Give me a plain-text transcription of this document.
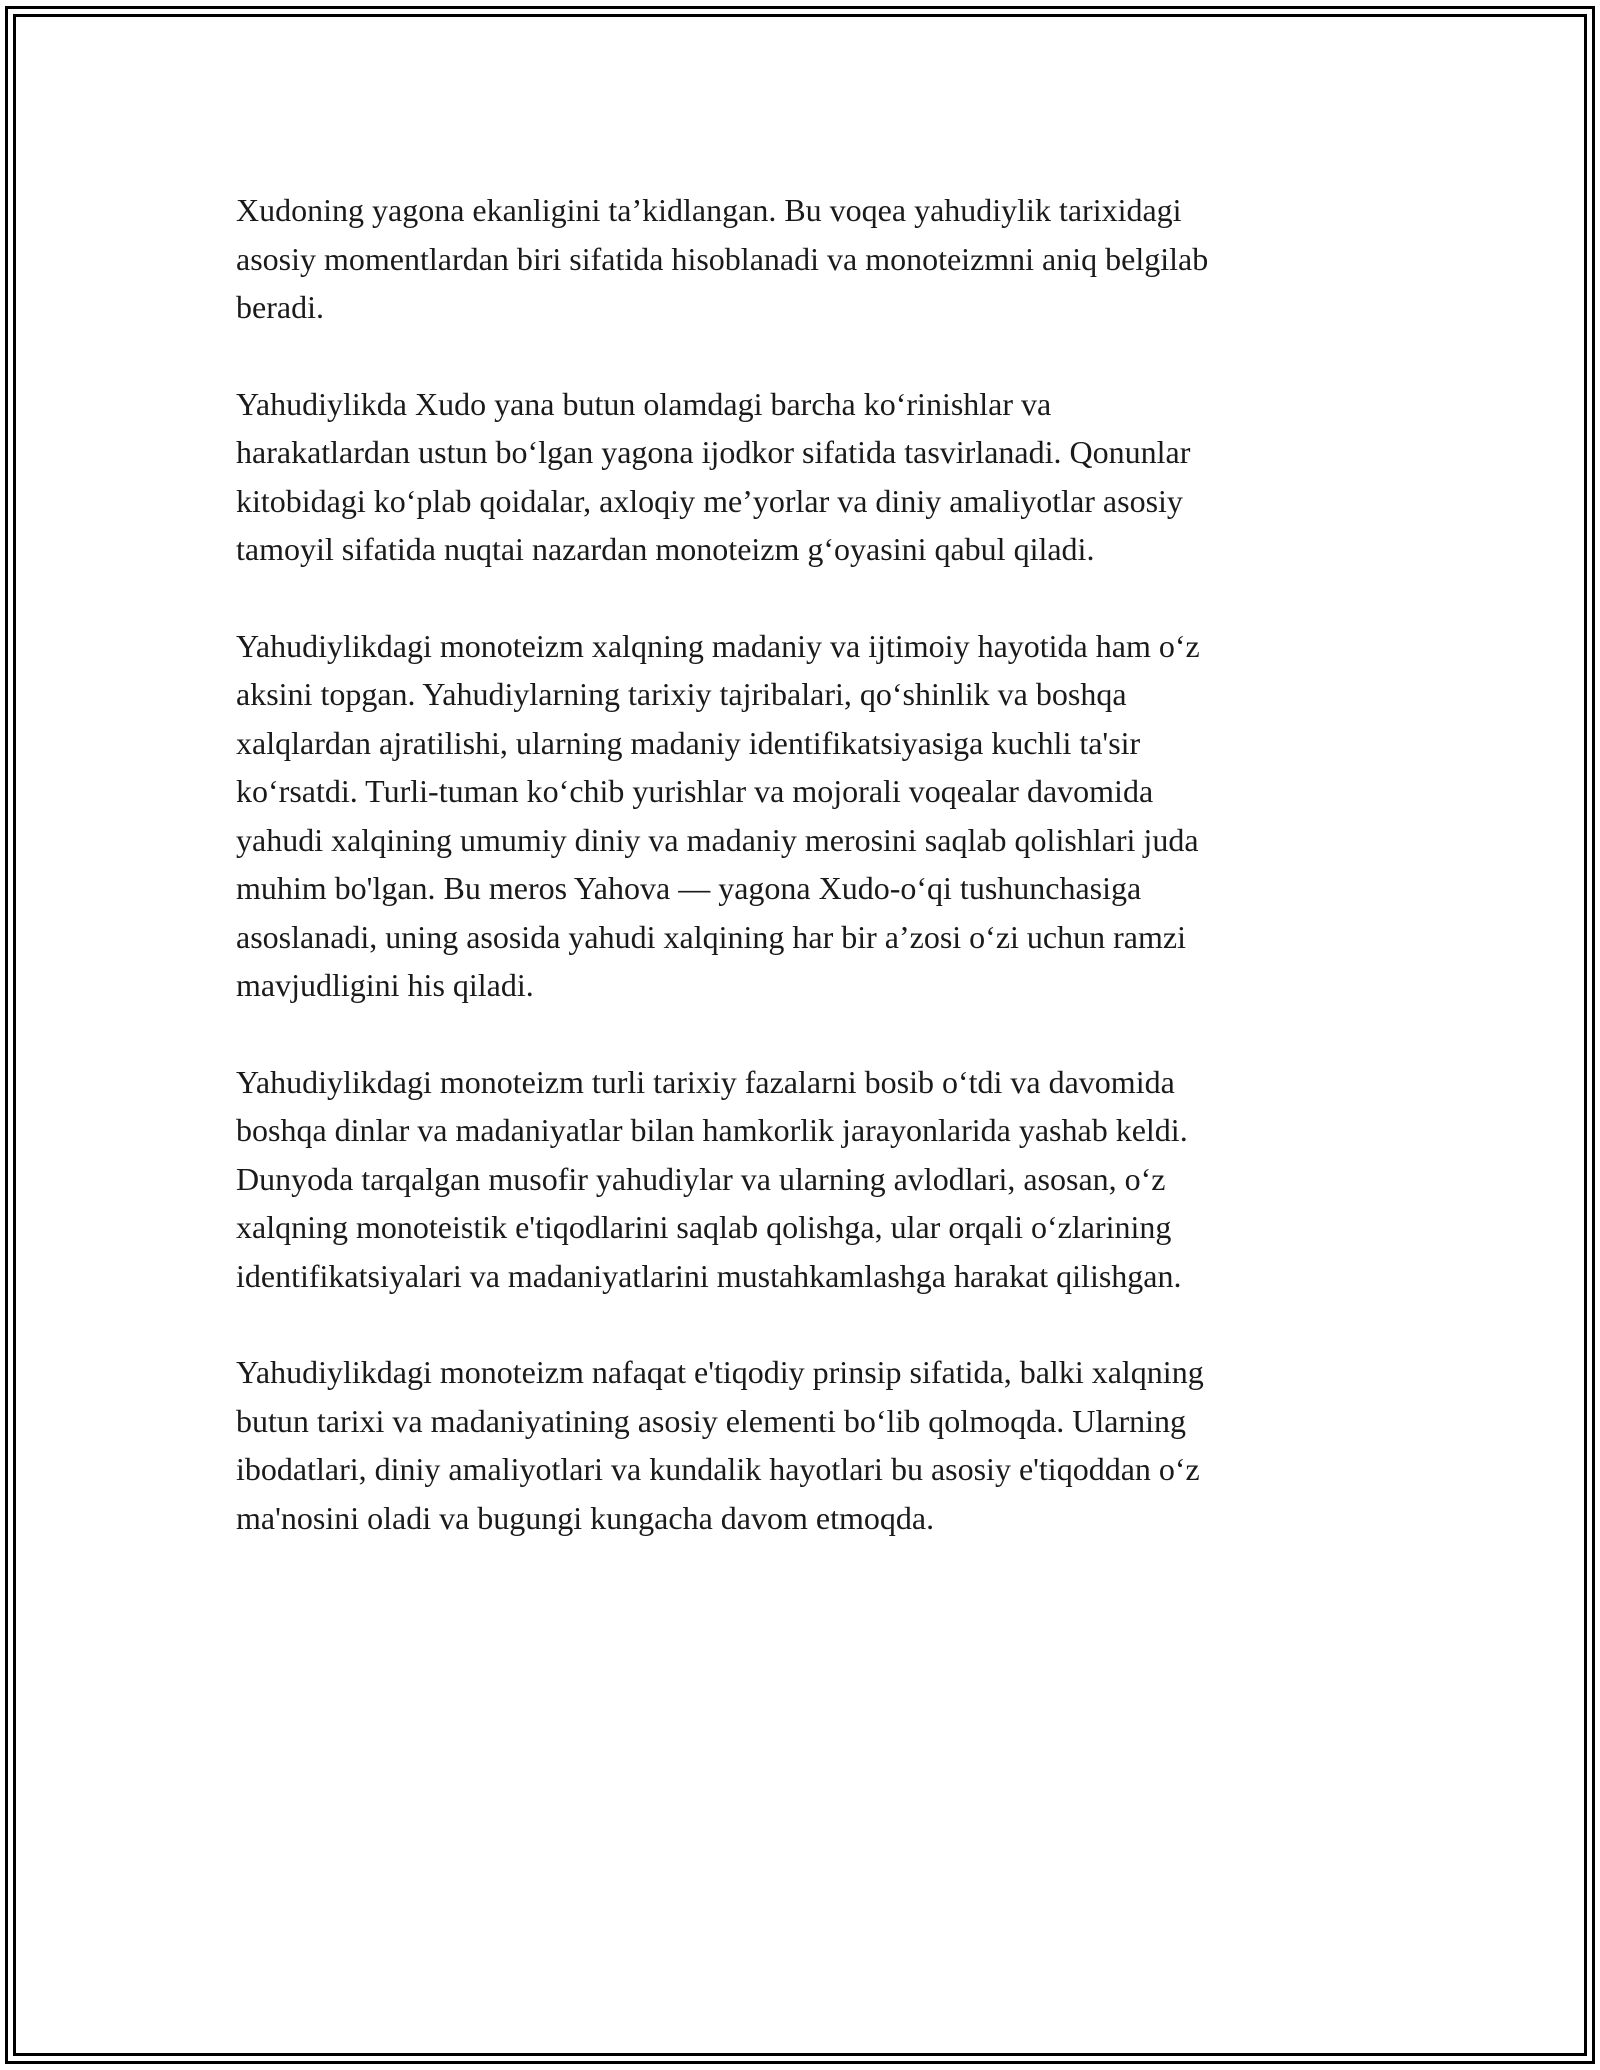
Xudoning yagona ekanligini ta’kidlangan. Bu voqea yahudiylik tarixidagi
asosiy momentlardan biri sifatida hisoblanadi va monoteizmni aniq belgilab
beradi.

Yahudiylikda Xudo yana butun olamdagi barcha ko‘rinishlar va
harakatlardan ustun bo‘lgan yagona ijodkor sifatida tasvirlanadi. Qonunlar
kitobidagi ko‘plab qoidalar, axloqiy me’yorlar va diniy amaliyotlar asosiy
tamoyil sifatida nuqtai nazardan monoteizm g‘oyasini qabul qiladi.

Yahudiylikdagi monoteizm xalqning madaniy va ijtimoiy hayotida ham o‘z
aksini topgan. Yahudiylarning tarixiy tajribalari, qo‘shinlik va boshqa
xalqlardan ajratilishi, ularning madaniy identifikatsiyasiga kuchli ta'sir
ko‘rsatdi. Turli-tuman ko‘chib yurishlar va mojorali voqealar davomida
yahudi xalqining umumiy diniy va madaniy merosini saqlab qolishlari juda
muhim bo'lgan. Bu meros Yahova — yagona Xudo-o‘qi tushunchasiga
asoslanadi, uning asosida yahudi xalqining har bir a’zosi o‘zi uchun ramzi
mavjudligini his qiladi.

Yahudiylikdagi monoteizm turli tarixiy fazalarni bosib o‘tdi va davomida
boshqa dinlar va madaniyatlar bilan hamkorlik jarayonlarida yashab keldi.
Dunyoda tarqalgan musofir yahudiylar va ularning avlodlari, asosan, o‘z
xalqning monoteistik e'tiqodlarini saqlab qolishga, ular orqali o‘zlarining
identifikatsiyalari va madaniyatlarini mustahkamlashga harakat qilishgan.

Yahudiylikdagi monoteizm nafaqat e'tiqodiy prinsip sifatida, balki xalqning
butun tarixi va madaniyatining asosiy elementi bo‘lib qolmoqda. Ularning
ibodatlari, diniy amaliyotlari va kundalik hayotlari bu asosiy e'tiqoddan o‘z
ma'nosini oladi va bugungi kungacha davom etmoqda.
